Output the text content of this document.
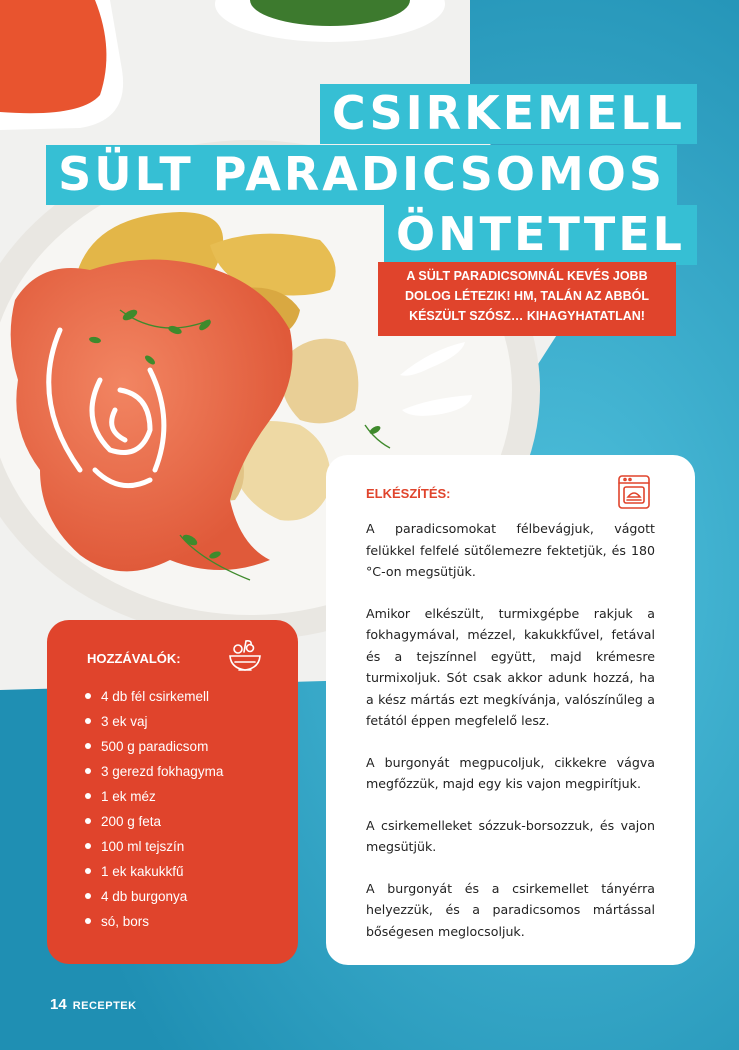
CSIRKEMELL
SÜLT PARADICSOMOS
ÖNTETTEL
A SÜLT PARADICSOMNÁL KEVÉS JOBB
DOLOG LÉTEZIK! HM, TALÁN AZ ABBÓL
KÉSZÜLT SZÓSZ… KIHAGYHATATLAN!
HOZZÁVALÓK:
4 db fél csirkemell
3 ek vaj
500 g paradicsom
3 gerezd fokhagyma
1 ek méz
200 g feta
100 ml tejszín
1 ek kakukkfű
4 db burgonya
só, bors
ELKÉSZÍTÉS:

A paradicsomokat félbevágjuk, vágott felükkel felfelé sütőlemezre fektetjük, és 180 °C-on megsütjük.

Amikor elkészült, turmixgépbe rakjuk a fokhagymával, mézzel, kakukkfűvel, fetával és a tejszínnel együtt, majd krémesre turmixoljuk. Sót csak akkor adunk hozzá, ha a kész mártás ezt megkívánja, valószínűleg a fetától éppen megfelelő lesz.

A burgonyát megpucoljuk, cikkekre vágva megfőzzük, majd egy kis vajon megpirítjuk.

A csirkemelleket sózzuk-borsozzuk, és vajon megsütjük.

A burgonyát és a csirkemellet tányérra helyezzük, és a paradicsomos mártással bőségesen meglocsoljuk.

14 RECEPTEK
